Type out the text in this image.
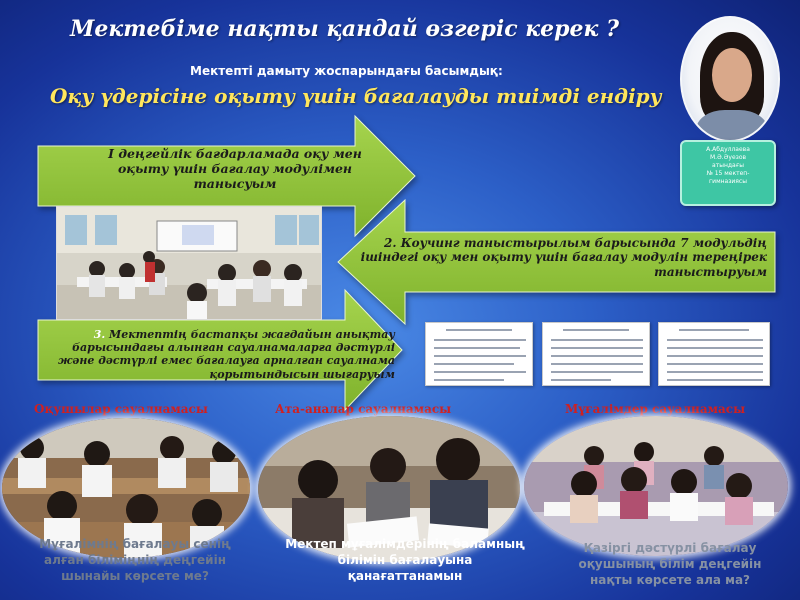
Мектебіме нақты қандай өзгеріс керек ?
Мектепті дамыту жоспарындағы басымдық:
Оқу үдерісіне оқыту үшін бағалауды тиімді ендіру
А.Абдуллаева
М.Ә.Әуезов
атындағы
№ 15 мектеп-
гимназиясы
І деңгейлік бағдарламада оқу мен оқыту үшін бағалау модулімен танысуым
2. Коучинг таныстырылым барысында 7 модульдің ішіндегі оқу мен оқыту үшін бағалау модулін тереңірек таныстыруым
3. Мектептің бастапқы жағдайын анықтау барысындағы алынған сауалнамаларға дәстүрлі және дәстүрлі емес бағалауға арналған сауалнама қорытындысын шығаруым
Оқушылар сауалнамасы	Ата-аналар сауалнамасы	Мұғалімдер сауалнамасы
Мұғалімнің бағалауы сенің алған біліміңнің деңгейін шынайы көрсете ме?
Мектеп мұғалімдерінің баламның білімін бағалауына қанағаттанамын
Қазіргі дәстүрлі бағалау оқушының білім деңгейін нақты көрсете ала ма?
